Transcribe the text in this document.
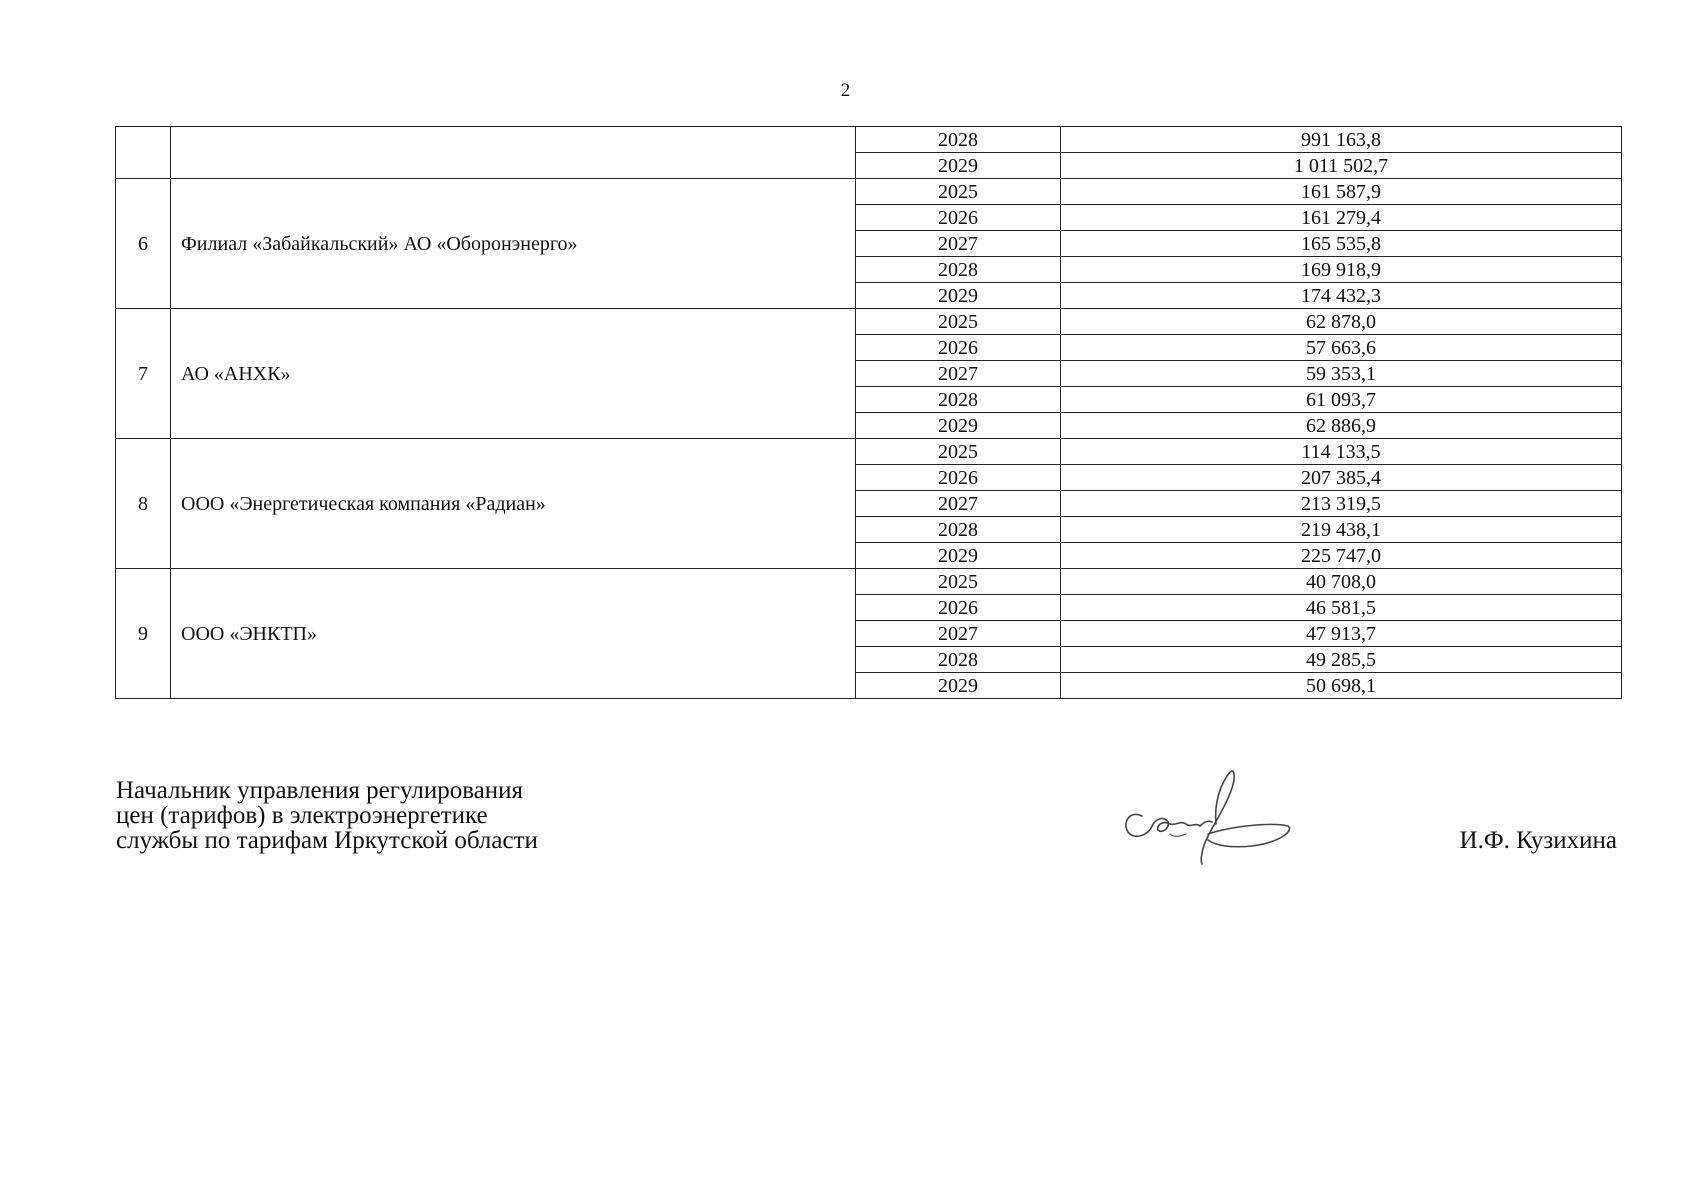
2
		2028	991 163,8
		2029	1 011 502,7
6	Филиал «Забайкальский» АО «Оборонэнерго»	2025	161 587,9
		2026	161 279,4
		2027	165 535,8
		2028	169 918,9
		2029	174 432,3
7	АО «АНХК»	2025	62 878,0
		2026	57 663,6
		2027	59 353,1
		2028	61 093,7
		2029	62 886,9
8	ООО «Энергетическая компания «Радиан»	2025	114 133,5
		2026	207 385,4
		2027	213 319,5
		2028	219 438,1
		2029	225 747,0
9	ООО «ЭНКТП»	2025	40 708,0
		2026	46 581,5
		2027	47 913,7
		2028	49 285,5
		2029	50 698,1
Начальник управления регулирования
цен (тарифов) в электроэнергетике
службы по тарифам Иркутской области	И.Ф. Кузихина
